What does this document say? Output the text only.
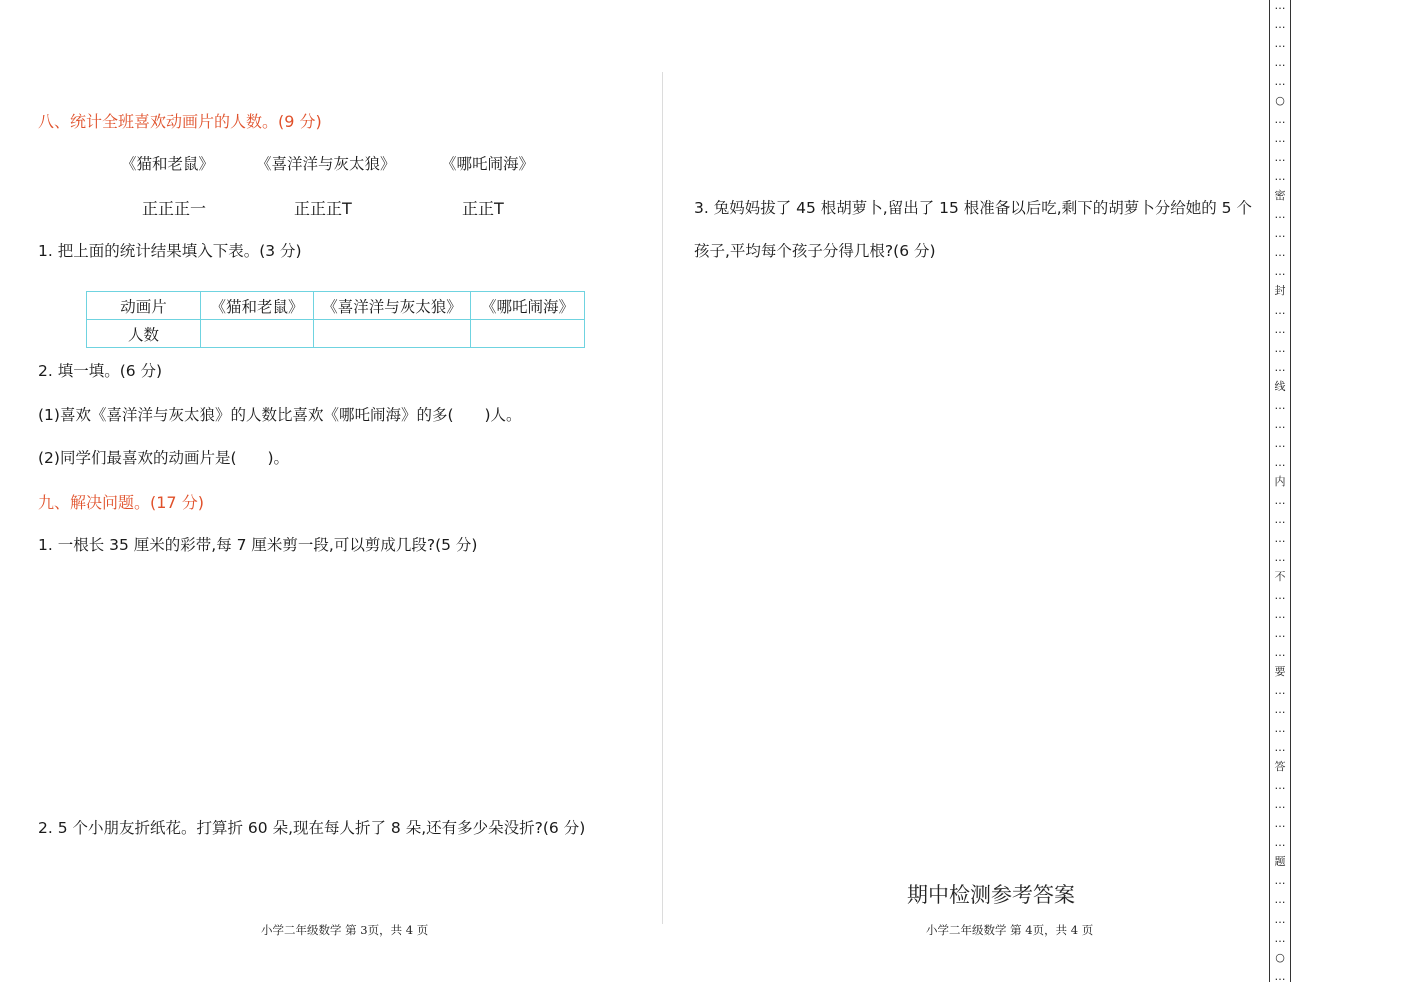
八、统计全班喜欢动画片的人数。(9 分)
《猫和老鼠》	《喜洋洋与灰太狼》	《哪吒闹海》
正正正一	正正正T	正正T
1. 把上面的统计结果填入下表。(3 分)
动画片	《猫和老鼠》	《喜洋洋与灰太狼》	《哪吒闹海》
人数			
2. 填一填。(6 分)
(1)喜欢《喜洋洋与灰太狼》的人数比喜欢《哪吒闹海》的多(　　)人。
(2)同学们最喜欢的动画片是(　　)。
九、解决问题。(17 分)
1. 一根长 35 厘米的彩带,每 7 厘米剪一段,可以剪成几段?(5 分)
2. 5 个小朋友折纸花。打算折 60 朵,现在每人折了 8 朵,还有多少朵没折?(6 分)
小学二年级数学 第 3页，共 4 页
3. 兔妈妈拔了 45 根胡萝卜,留出了 15 根准备以后吃,剩下的胡萝卜分给她的 5 个
孩子,平均每个孩子分得几根?(6 分)
期中检测参考答案
小学二年级数学 第 4页，共 4 页
…
…
…
…
…
○
…
…
…
…
密
…
…
…
…
封
…
…
…
…
线
…
…
…
…
内
…
…
…
…
不
…
…
…
…
要
…
…
…
…
答
…
…
…
…
题
…
…
…
…
○
…
